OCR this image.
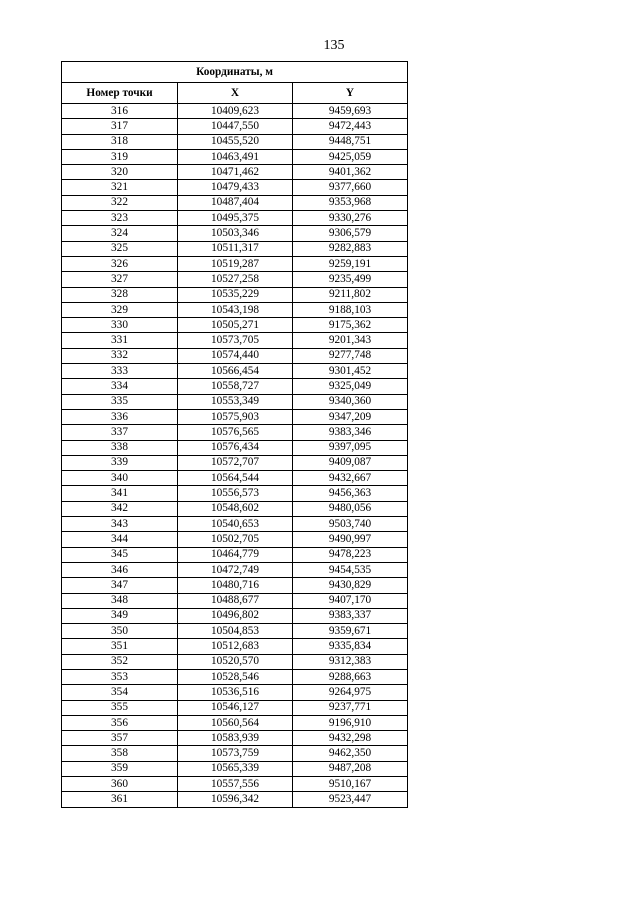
135
Координаты, м		
Номер точки	X	Y
316	10409,623	9459,693
317	10447,550	9472,443
318	10455,520	9448,751
319	10463,491	9425,059
320	10471,462	9401,362
321	10479,433	9377,660
322	10487,404	9353,968
323	10495,375	9330,276
324	10503,346	9306,579
325	10511,317	9282,883
326	10519,287	9259,191
327	10527,258	9235,499
328	10535,229	9211,802
329	10543,198	9188,103
330	10505,271	9175,362
331	10573,705	9201,343
332	10574,440	9277,748
333	10566,454	9301,452
334	10558,727	9325,049
335	10553,349	9340,360
336	10575,903	9347,209
337	10576,565	9383,346
338	10576,434	9397,095
339	10572,707	9409,087
340	10564,544	9432,667
341	10556,573	9456,363
342	10548,602	9480,056
343	10540,653	9503,740
344	10502,705	9490,997
345	10464,779	9478,223
346	10472,749	9454,535
347	10480,716	9430,829
348	10488,677	9407,170
349	10496,802	9383,337
350	10504,853	9359,671
351	10512,683	9335,834
352	10520,570	9312,383
353	10528,546	9288,663
354	10536,516	9264,975
355	10546,127	9237,771
356	10560,564	9196,910
357	10583,939	9432,298
358	10573,759	9462,350
359	10565,339	9487,208
360	10557,556	9510,167
361	10596,342	9523,447
